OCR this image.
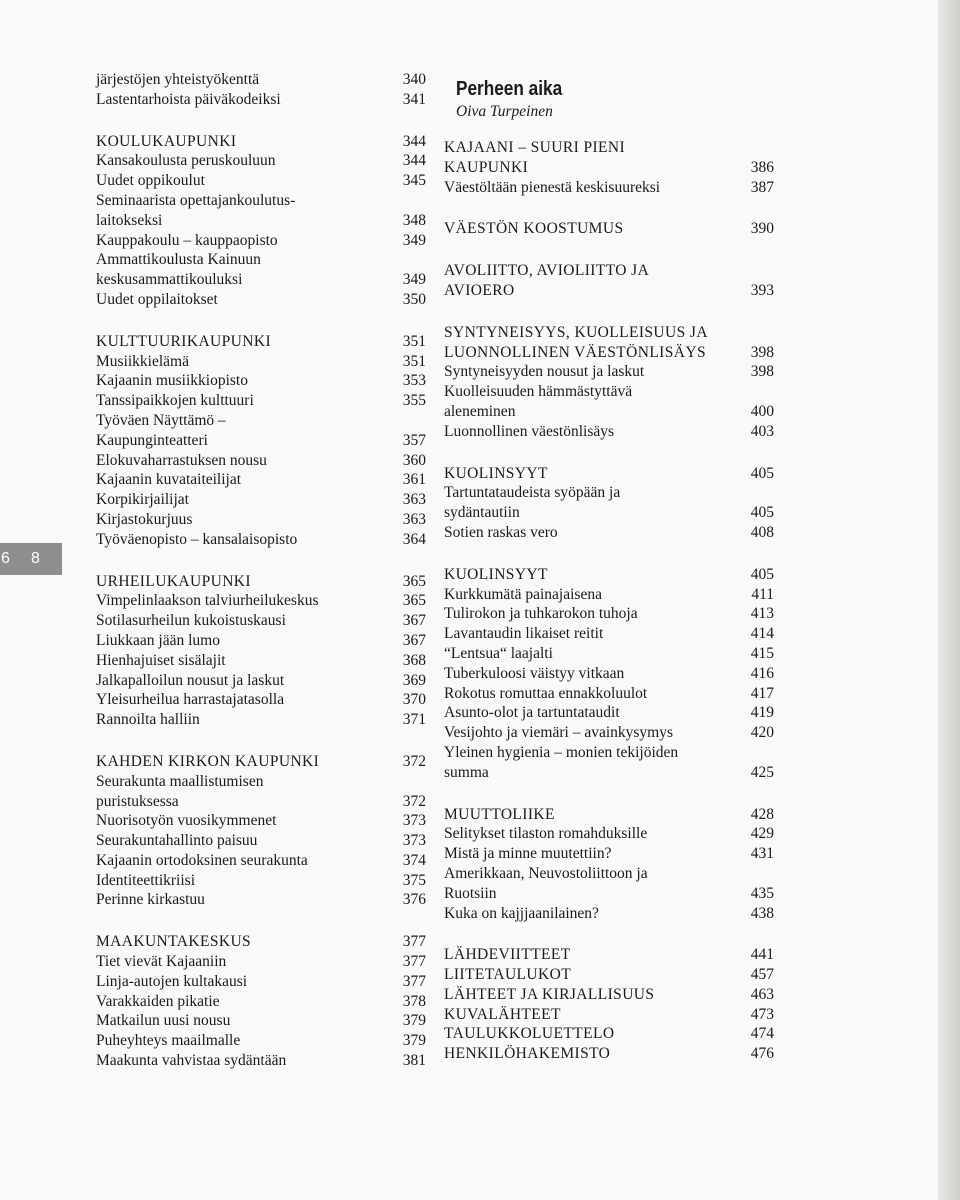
järjestöjen yhteistyökenttä	340
Lastentarhoista päiväkodeiksi	341
KOULUKAUPUNKI	344
Kansakoulusta peruskouluun	344
Uudet oppikoulut	345
Seminaarista opettajankoulutus-
laitokseksi	348
Kauppakoulu – kauppaopisto	349
Ammattikoulusta Kainuun
keskusammattikouluksi	349
Uudet oppilaitokset	350
KULTTUURIKAUPUNKI	351
Musiikkielämä	351
Kajaanin musiikkiopisto	353
Tanssipaikkojen kulttuuri	355
Työväen Näyttämö –
Kaupunginteatteri	357
Elokuvaharrastuksen nousu	360
Kajaanin kuvataiteilijat	361
Korpikirjailijat	363
Kirjastokurjuus	363
Työväenopisto – kansalaisopisto	364
URHEILUKAUPUNKI	365
Vimpelinlaakson talviurheilukeskus	365
Sotilasurheilun kukoistuskausi	367
Liukkaan jään lumo	367
Hienhajuiset sisälajit	368
Jalkapalloilun nousut ja laskut	369
Yleisurheilua harrastajatasolla	370
Rannoilta halliin	371
KAHDEN KIRKON KAUPUNKI	372
Seurakunta maallistumisen
puristuksessa	372
Nuorisotyön vuosikymmenet	373
Seurakuntahallinto paisuu	373
Kajaanin ortodoksinen seurakunta	374
Identiteettikriisi	375
Perinne kirkastuu	376
MAAKUNTAKESKUS	377
Tiet vievät Kajaaniin	377
Linja-autojen kultakausi	377
Varakkaiden pikatie	378
Matkailun uusi nousu	379
Puheyhteys maailmalle	379
Maakunta vahvistaa sydäntään	381
Perheen aika
Oiva Turpeinen
KAJAANI – SUURI PIENI
KAUPUNKI	386
Väestöltään pienestä keskisuureksi	387
VÄESTÖN KOOSTUMUS	390
AVOLIITTO, AVIOLIITTO JA
AVIOERO	393
SYNTYNEISYYS, KUOLLEISUUS JA
LUONNOLLINEN VÄESTÖNLISÄYS	398
Syntyneisyyden nousut ja laskut	398
Kuolleisuuden hämmästyttävä
aleneminen	400
Luonnollinen väestönlisäys	403
KUOLINSYYT	405
Tartuntataudeista syöpään ja
sydäntautiin	405
Sotien raskas vero	408
KUOLINSYYT	405
Kurkkumätä painajaisena	411
Tulirokon ja tuhkarokon tuhoja	413
Lavantaudin likaiset reitit	414
“Lentsua“ laajalti	415
Tuberkuloosi väistyy vitkaan	416
Rokotus romuttaa ennakkoluulot	417
Asunto-olot ja tartuntataudit	419
Vesijohto ja viemäri – avainkysymys	420
Yleinen hygienia – monien tekijöiden
summa	425
MUUTTOLIIKE	428
Selitykset tilaston romahduksille	429
Mistä ja minne muutettiin?	431
Amerikkaan, Neuvostoliittoon ja
Ruotsiin	435
Kuka on kajjjaanilainen?	438
LÄHDEVIITTEET	441
LIITETAULUKOT	457
LÄHTEET JA KIRJALLISUUS	463
KUVALÄHTEET	473
TAULUKKOLUETTELO	474
HENKILÖHAKEMISTO	476
6	8
